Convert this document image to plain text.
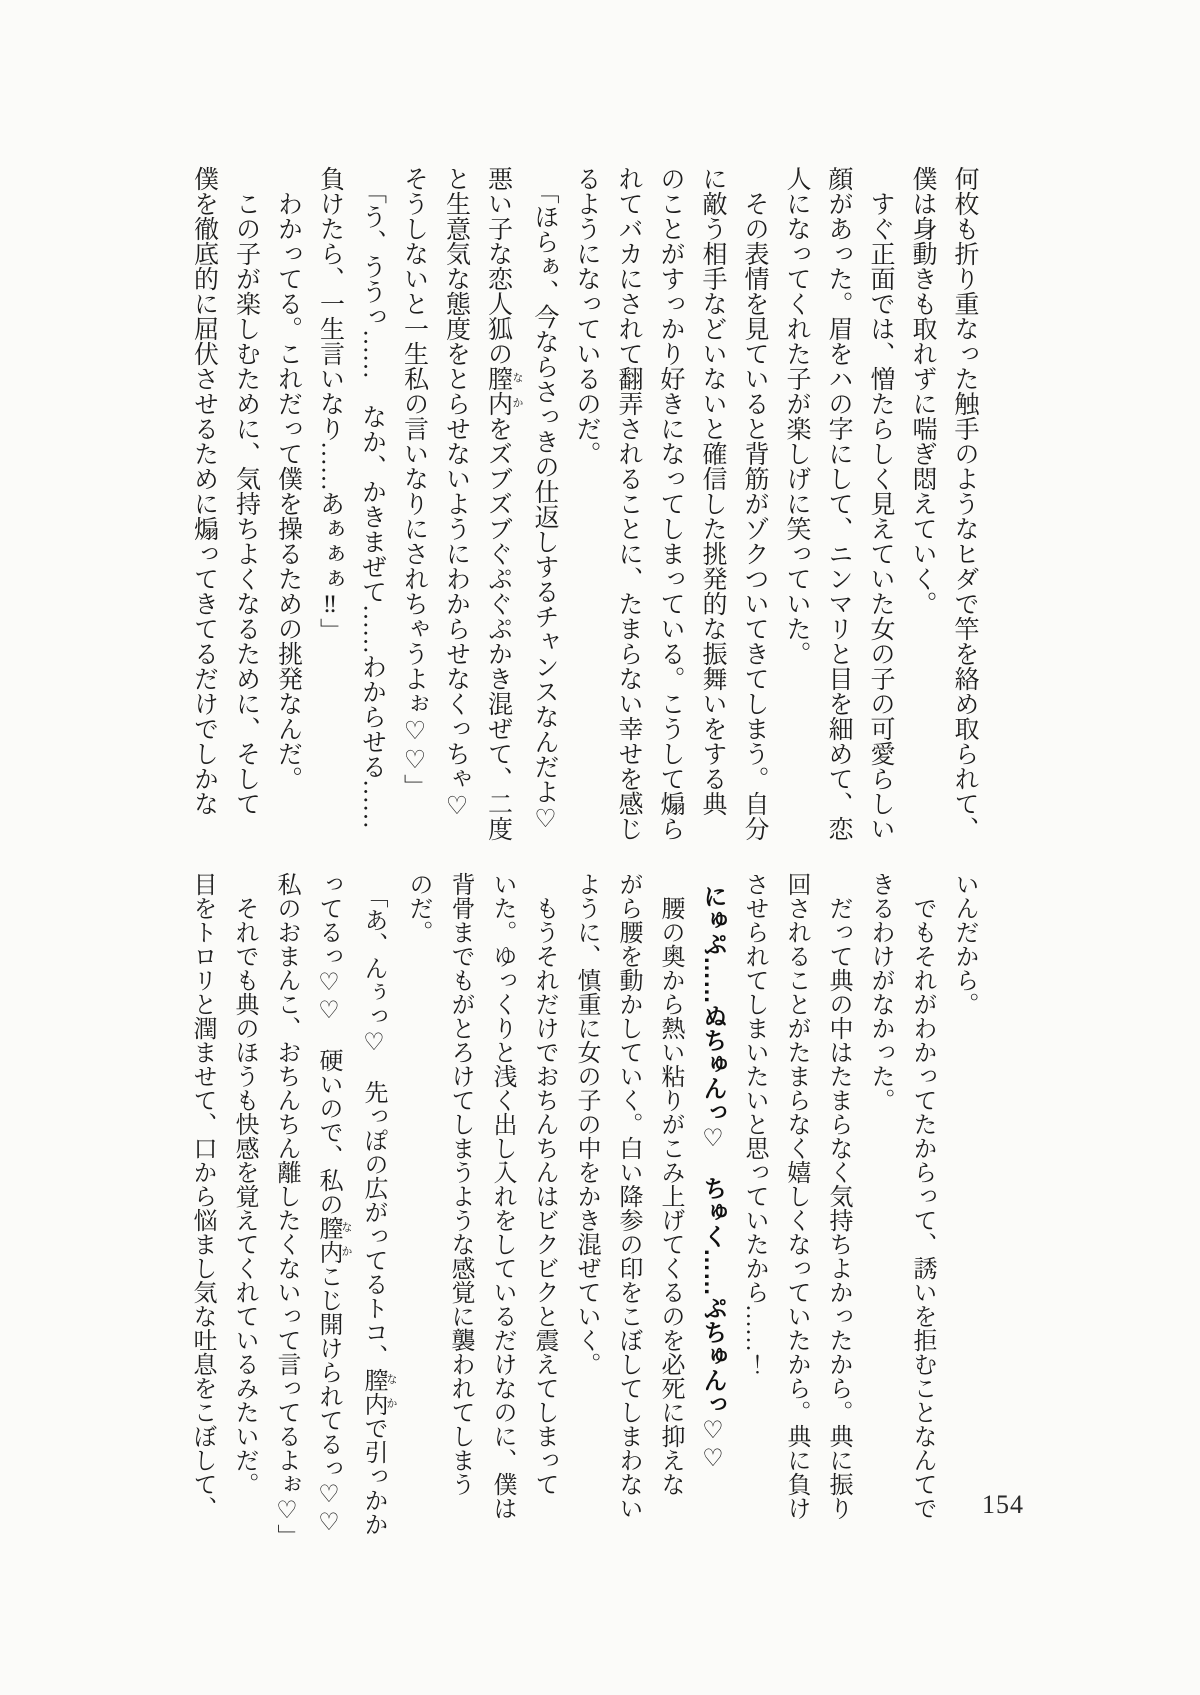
何枚も折り重なった触手のようなヒダで竿を絡め取られて、

僕は身動きも取れずに喘ぎ悶えていく。

すぐ正面では、憎たらしく見えていた女の子の可愛らしい

顔があった。眉をハの字にして、ニンマリと目を細めて、恋

人になってくれた子が楽しげに笑っていた。

その表情を見ていると背筋がゾクついてきてしまう。自分

に敵う相手などいないと確信した挑発的な振舞いをする典

のことがすっかり好きになってしまっている。こうして煽ら

れてバカにされて翻弄されることに、たまらない幸せを感じ

るようになっているのだ。

「ほらぁ、今ならさっきの仕返しするチャンスなんだよ♡

悪い子な恋人狐の膣内 なかをズブズブぐぷぐぷかき混ぜて、二度

と生意気な態度をとらせないようにわからせなくっちゃ♡

そうしないと一生私の言いなりにされちゃうよぉ♡♡」

「う、ううっ……　なか、かきまぜて……わからせる……

負けたら、一生言いなり……あぁぁぁ‼」

わかってる。これだって僕を操るための挑発なんだ。

この子が楽しむために、気持ちよくなるために、そして

僕を徹底的に屈伏させるために煽ってきてるだけでしかな

いんだから。

でもそれがわかってたからって、誘いを拒むことなんてで

きるわけがなかった。

だって典の中はたまらなく気持ちよかったから。典に振り

回されることがたまらなく嬉しくなっていたから。典に負け

させられてしまいたいと思っていたから……！

にゅぷ……ぬちゅんっ♡　ちゅく……ぷちゅんっ♡♡

腰の奥から熱い粘りがこみ上げてくるのを必死に抑えな

がら腰を動かしていく。白い降参の印をこぼしてしまわない

ように、慎重に女の子の中をかき混ぜていく。

もうそれだけでおちんちんはビクビクと震えてしまって

いた。ゆっくりと浅く出し入れをしているだけなのに、僕は

背骨までもがとろけてしまうような感覚に襲われてしまう

のだ。

「あ、んぅっ♡　先っぽの広がってるトコ、膣内 なかで引っかか

ってるっ♡♡　硬いので、私の膣内 なかこじ開けられてるっ♡♡

私のおまんこ、おちんちん離したくないって言ってるよぉ♡」

それでも典のほうも快感を覚えてくれているみたいだ。

目をトロリと潤ませて、口から悩まし気な吐息をこぼして、	154
